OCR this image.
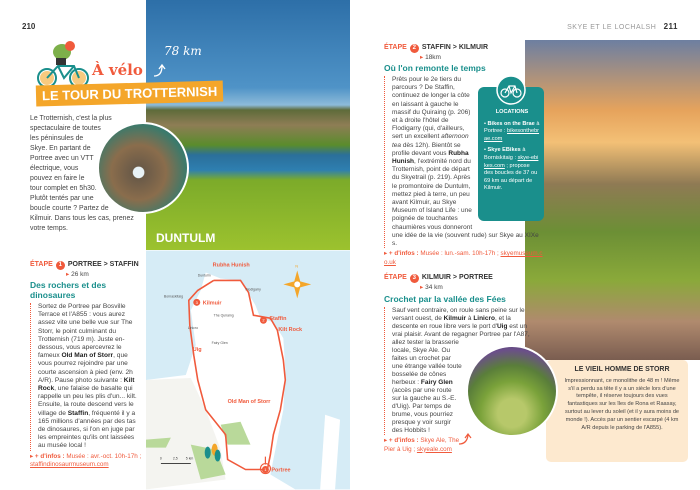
210
DUNTULM
78 km
À vélo
LE TOUR DU TROTTERNISH
Le Trotternish, c'est la plus spectaculaire de toutes les péninsules de Skye. En partant de Portree avec un VTT électrique, vous pouvez en faire le tour complet en 5h30. Plutôt tentés par une boucle courte ? Partez de Kilmuir. Dans tous les cas, prenez votre temps.
ÉTAPE 1 PORTREE > STAFFIN
▸ 26 km
Des rochers et des dinosaures
Sortez de Portree par Bosville Terrace et l'A855 : vous aurez assez vite une belle vue sur The Storr, le point culminant du Trotternish (719 m). Juste en-dessous, vous apercevrez le fameux Old Man of Storr, que vous pourrez rejoindre par une courte ascension à pied (env. 2h A/R). Pause photo suivante : Kilt Rock, une falaise de basalte qui rappelle un peu les plis d'un... kilt. Ensuite, la route descend vers le village de Staffin, fréquenté il y a 165 millions d'années par des tas de dinosaures, si l'on en juge par les empreintes qu'ils ont laissées au musée local !
▸ + d'infos : Musée : avr.-oct. 10h-17h ; staffindinosaurmuseum.com
Rubha Hunish
Kilmuir
Staffin
Kilt Rock
Uig
Old Man of Storr
Portree
Duntulm
Flodigarry
Bornaskitaig
The Quiraing
Linicro
Fairy Glen
1
2
3
N
0	2,5 5 km
SKYE ET LE LOCHALSH 211
ÉTAPE 2 STAFFIN > KILMUIR
▸ 18km
Où l'on remonte le temps
Prêts pour le 2e tiers du parcours ? De Staffin, continuez de longer la côte en laissant à gauche le massif du Quiraing (p. 206) et à droite l'hôtel de Flodigarry (qui, d'ailleurs, sert un excellent afternoon tea dès 12h). Bientôt se profile devant vous Rubha Hunish, l'extrémité nord du Trotternish, point de départ du Skyetrail (p. 219). Après le promontoire de Duntulm, mettez pied à terre, un peu avant Kilmuir, au Skye Museum of Island Life : une poignée de touchantes chaumières vous donneront une idée de la vie (souvent rude) sur Skye au XIXe s.
▸ + d'infos : Musée : lun.-sam. 10h-17h ; skyemuseum.co.uk
LOCATIONS
• Bikes on the Brae à Portree : bikesonthebrae.com
• Skye EBikes à Borniskitaig : skye-ebikes.com ; propose des boucles de 37 ou 69 km au départ de Kilmuir.
ÉTAPE 3 KILMUIR > PORTREE
▸ 34 km
Crochet par la vallée des Fées
Sauf vent contraire, on roule sans peine sur le versant ouest, de Kilmuir à Linicro, et la descente en roue libre vers le port d'Uig est un vrai plaisir. Avant de regagner Portree par l'A87, allez tester la brasserie locale, Skye Ale. Ou faites un crochet par une étrange vallée toute bosselée de cônes herbeux : Fairy Glen (accès par une route sur la gauche au S.-E. d'Uig). Par temps de brume, vous pourriez presque y voir surgir des Hobbits !
▸ + d'infos : Skye Ale, The Pier à Uig ; skyeale.com
LE VIEIL HOMME DE STORR
Impressionnant, ce monolithe de 48 m ! Même s'il a perdu sa tête il y a un siècle lors d'une tempête, il réserve toujours des vues fantastiques sur les îles de Rona et Raasay, surtout au lever du soleil (et il y aura moins de monde !). Accès par un sentier escarpé (4 km A/R depuis le parking de l'A855).
